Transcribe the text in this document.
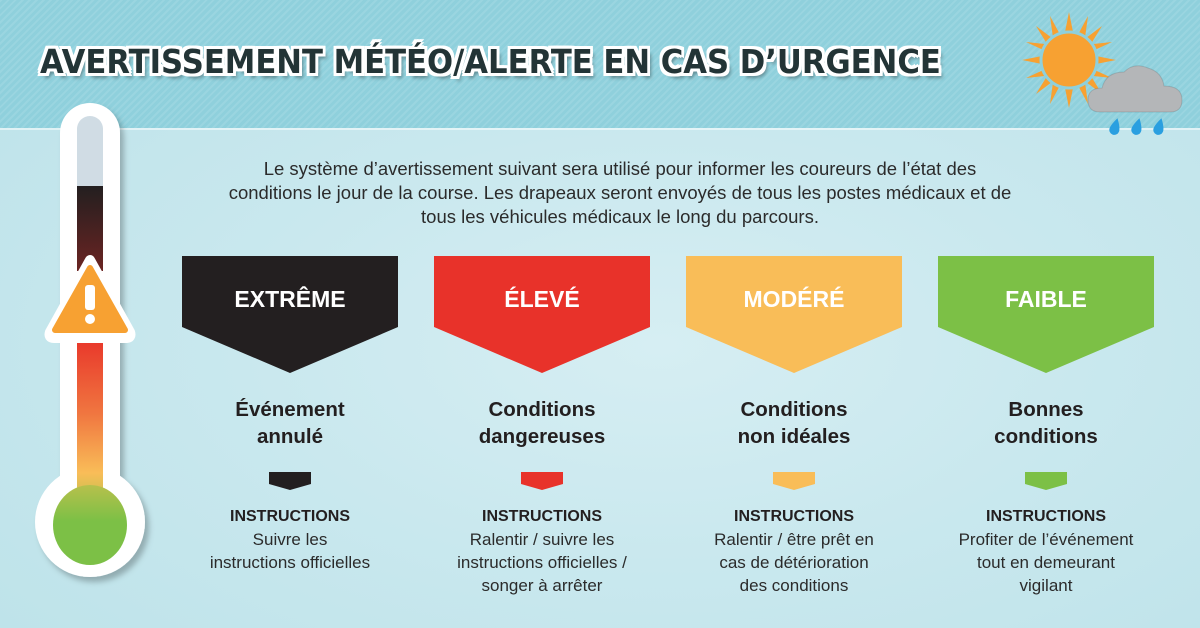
AVERTISSEMENT MÉTÉO/ALERTE EN CAS D’URGENCE
Le système d’avertissement suivant sera utilisé pour informer les coureurs de l’état des conditions le jour de la course. Les drapeaux seront envoyés de tous les postes médicaux et de tous les véhicules médicaux le long du parcours.
EXTRÊME
Événement
annulé
INSTRUCTIONS
Suivre les
instructions officielles
ÉLEVÉ
Conditions
dangereuses
INSTRUCTIONS
Ralentir / suivre les
instructions officielles /
songer à arrêter
MODÉRÉ
Conditions
non idéales
INSTRUCTIONS
Ralentir / être prêt en
cas de détérioration
des conditions
FAIBLE
Bonnes
conditions
INSTRUCTIONS
Profiter de l’événement
tout en demeurant
vigilant
